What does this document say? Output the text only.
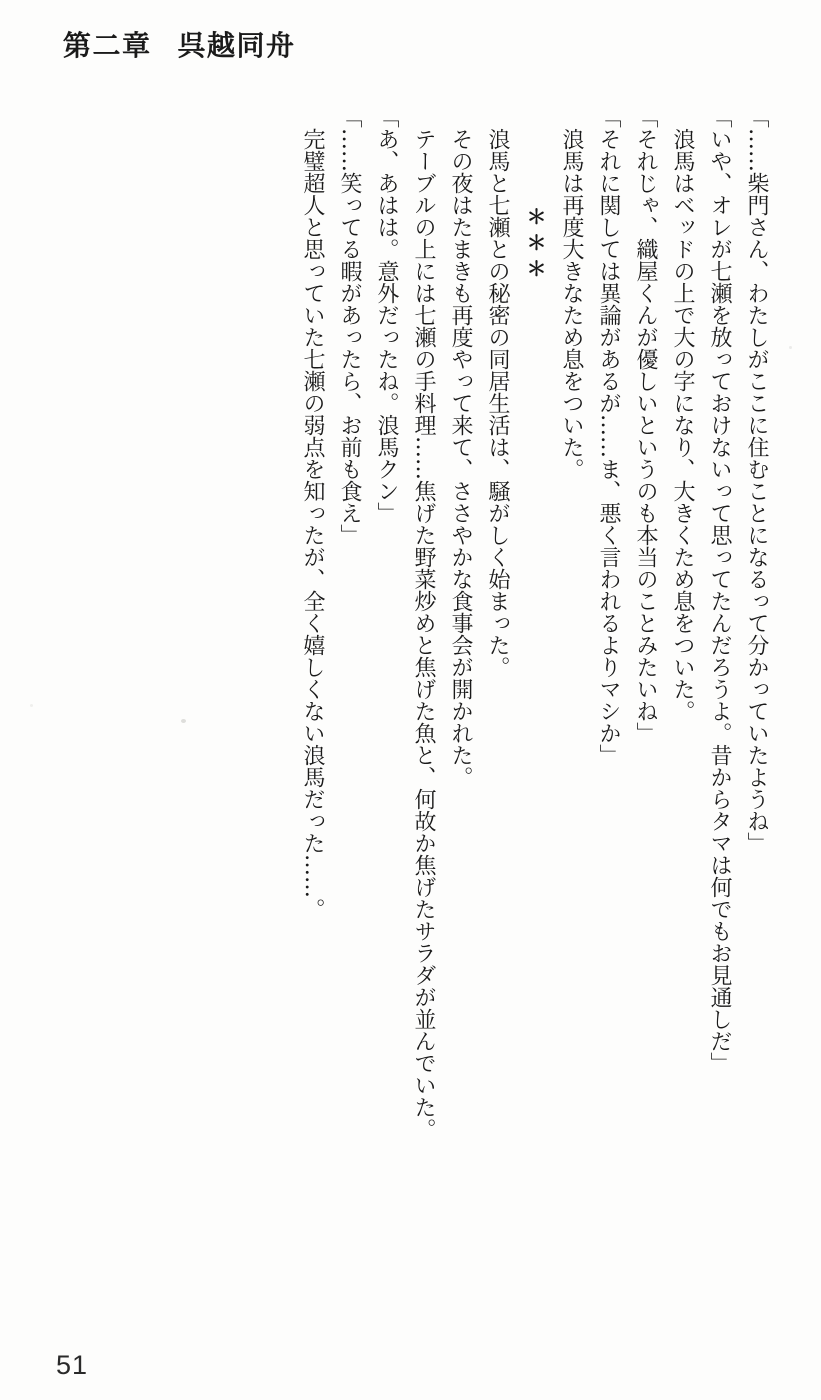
第二章 呉越同舟

「……柴門さん、わたしがここに住むことになるって分かっていたようね」

「いや、オレが七瀬を放っておけないって思ってたんだろうよ。昔からタマは何でもお見通しだ」

浪馬はベッドの上で大の字になり、大きくため息をついた。

「それじゃ、織屋くんが優しいというのも本当のことみたいね」

「それに関しては異論があるが……ま、悪く言われるよりマシか」

浪馬は再度大きなため息をついた。

＊＊＊

浪馬と七瀬との秘密の同居生活は、騒がしく始まった。

その夜はたまきも再度やって来て、ささやかな食事会が開かれた。

テーブルの上には七瀬の手料理……焦げた野菜炒めと焦げた魚と、何故か焦げたサラダが並んでいた。

「あ、あはは。意外だったね。浪馬クン」

「……笑ってる暇があったら、お前も食え」

完璧超人と思っていた七瀬の弱点を知ったが、全く嬉しくない浪馬だった……。

51
